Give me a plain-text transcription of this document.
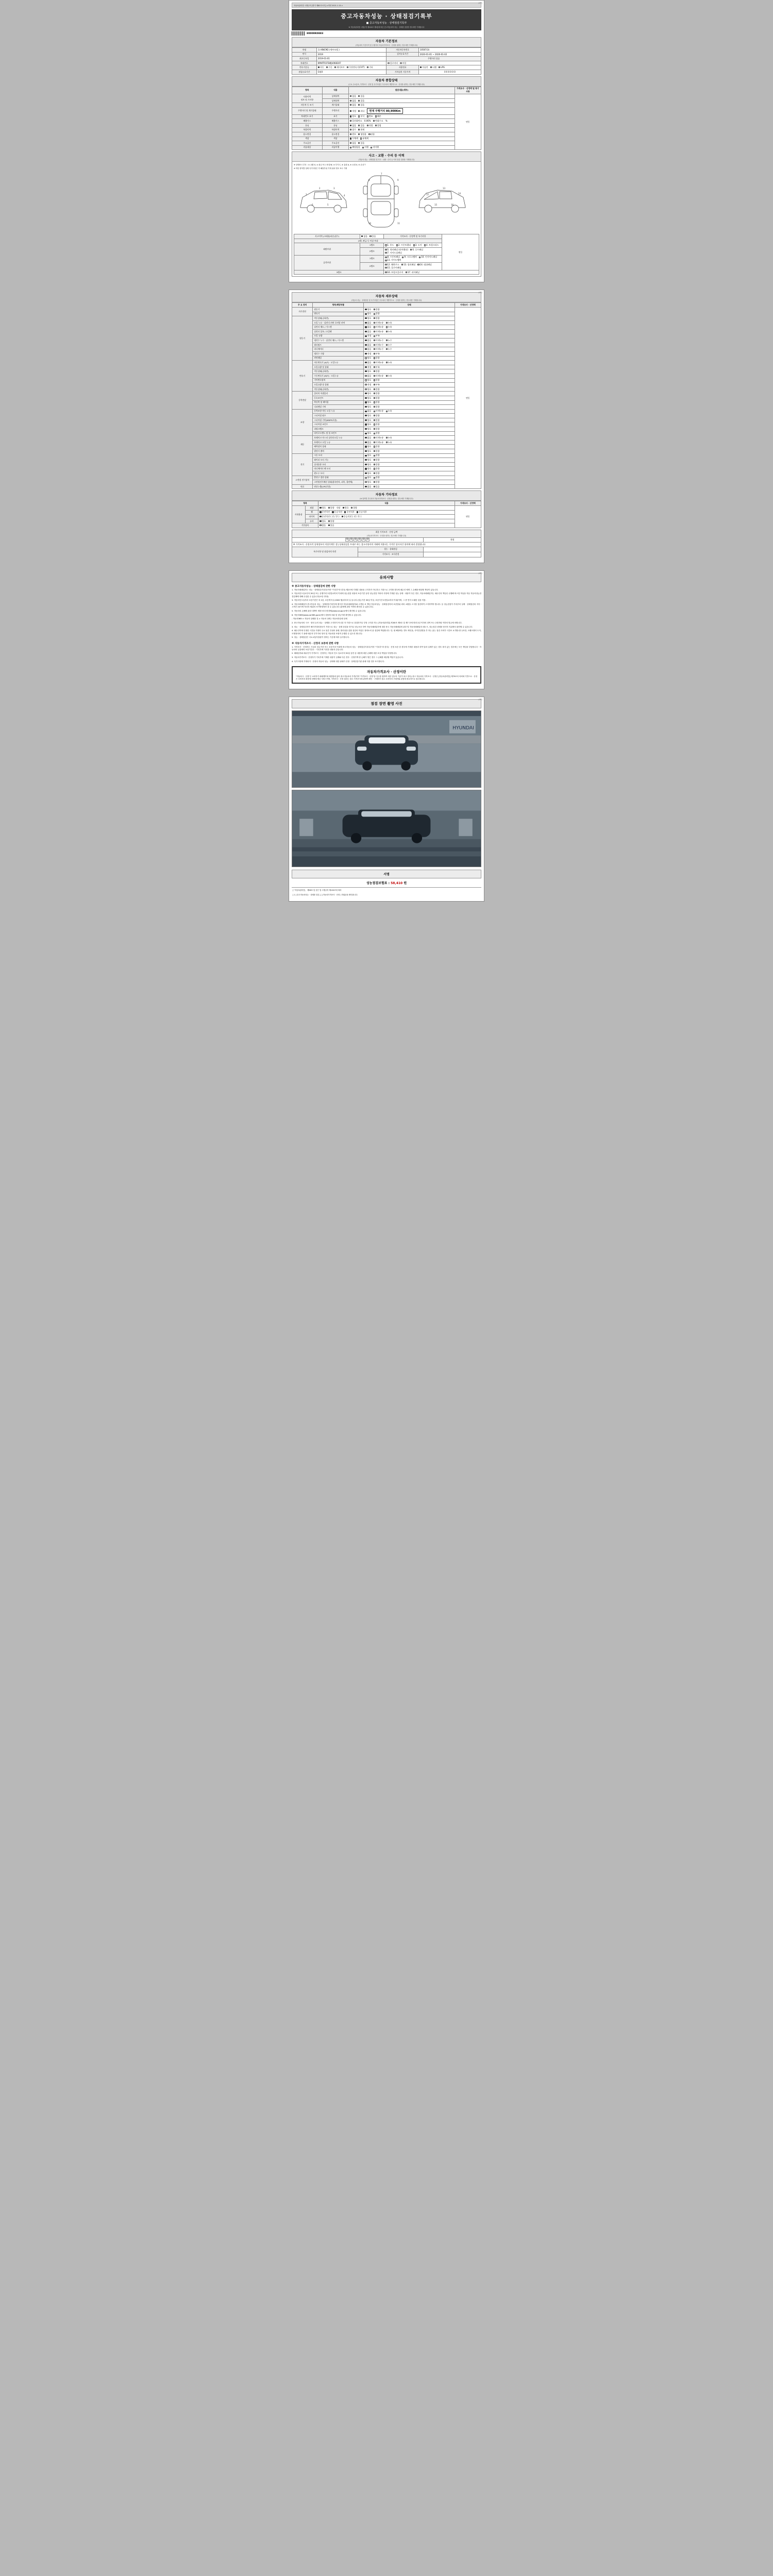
(1쪽)
자동차관리법 시행규칙 [별지 제82호서식] <개정 2021.1.13.>
중고자동차성능 · 상태점검기록부
■ 중고자동차성능 · 상태점검기록부
※ 자동차관리법 시행규칙 제120조 제1항에 따른 중고자동차의 성능 · 상태를 점검한 경우에만 기재합니다
80000K0883
자동차 기본정보
(자동차의 기본가격 및 주행거리 자동차가격조사 · 산정을 원하는 경우에만 기재합니다)
차명	올-XINCM2 (세부모델 )	자동차등록번호	10567(3)
연식	2019	검사유효기간	2020-01-01 ~ 2020-01-02
최초등록일	2019-01-01	주행거리 종류	
차대번호	KMHTR1FSWJU068307	킬로미터 마일	
변속기종류	자동 수동 세미오토 무단변속기(CVT) 기타	사용연료	가솔린 디젤 LPG
점검유효기간	G월0	기차검진 기준가격	0 0 0 0 0 0
자동차 종합상태
(주요 주요골조, 가격조사 · 산정 및 특기사항은 부수되어 개별적으로 · 산정을 원하는 경우에만 기재합니다)
항목	내용	점검내용(세부)	가격조사 · 산정액 및 특기사항
사용이력
정보 및 기사항	상세내역	없음 있음	연동
	상세내역	없음 있음	
자동차 등 조기	계기상태	없음 있음	
주행거리 및 계기상태	주행거리	적정 과다 현재 주행거리 80,900Km	
차대번호 표기	표기	양호 부식 변조 훼손	
배출가스	배출가스	일산화탄소 0.06% 탄화수소 %	
튜닝	튜닝	없음 있음 적법 불법	
특별이력	특별이력	침수 화재	
용도변경	용도변경	렌트 영업용 관용	
색상	색상	무채색 유채색	
주요옵션	주요옵션	없음 있음	
리콜대상	리콜이행	해당없음 이행 미이행	
사고 · 교환 · 수리 등 이력
(자동차 성능 · 상태점검 및 사고 · 교환 · 수리 등 이력 점검 결과를 기재합니다)
※ 상태표시 부호 : ① 교환 X, ② 판금 또는 용접 W, ③ 부식 C, ④ 흠집 A, ⑤ 요철 U, ⑥ 손상 T
※ 하단 항목별 상태 특기사항은 각 해당부위 기재 위치 번호 표시 기재
1
2	3
4
5
6
8	9
10	11
7
12
13
14
15	16
사고이력 (크래쉬/파손/침수)	없음 있음	가격조사 · 산정액 및 특기사항	연동
교환, 판금 등 이상 부위			
외판부위	1랭크	1. 후드 2. 프론트휀더 3. 도어 4. 트렁크리드	
	2랭크	5. 쿼터패널 (리어휀더) 6. 루프패널 7. 사이드실패널	
골격부위	1랭크	8. 프론트패널 9. 크로스멤버 10. 인사이드패널 11. 사이드멤버	
	2랭크	12. 휠하우스 13. 필러패널 14. 대쉬패널 15. 플로어패널	
3랭크		16. 트렁크플로어 17. 리어패널	
(1쪽)
자동차 세부상태
(자동차 성능 · 상태점검 및 특기사항은 부수되어 개별적으로 · 산정을 원하는 경우에만 기재합니다)
주 요 장치	항목/해당부품	상태	가격조사 · 산정액
자기진단	원동기	양호 불량	연동
	변속기	양호 불량	
원동기	작동상태(공회전)	양호 불량	
	오일 누유 · 실린더 커버 로커암 커버	없음 미세누유 누유	
	실린더 헤드 / 가스켓	없음 미세누유 누유	
	실린더 블록 / 오일팬	없음 미세누유 누유	
	오일 유량	적정 부족	
	냉각수 누수 · 실린더 헤드 / 가스켓	없음 미세누수 누수	
	워터펌프	없음 미세누수 누수	
	라디에이터	없음 미세누수 누수	
	냉각수 수량	적정 부족	
	커먼레일	양호 불량	
변속기	자동변속기 (A/T) · 오일누유	없음 미세누유 누유	
	오일유량 및 상태	적정 부족	
	작동상태(공회전)	양호 불량	
	수동변속기 (M/T) · 오일누유	없음 미세누유 누유	
	기어변속장치	양호 불량	
	오일유량 및 상태	적정 부족	
	작동상태(공회전)	양호 불량	
동력전달	클러치 어셈블리	양호 불량	
	등속조인트	양호 불량	
	추진축 및 베어링	양호 불량	
	디퍼렌셜 기어	양호 불량	
조향	동력조향 작동 오일 누유	없음 미세누유 누유	
	스티어링 펌프	양호 불량	
	스티어링 기어(MDPS포함)	양호 불량	
	스티어링 조인트	양호 불량	
	파워크랭크	양호 불량	
	타이로드엔드 및 볼 조인트	양호 불량	
제동	브레이크 마스터 실린더오일 누유	없음 미세누유 누유	
	브레이크 오일 누유	없음 미세누유 누유	
	배력장치 상태	양호 불량	
	발전기 출력	양호 불량	
전기	시동 모터	양호 불량	
	와이퍼 모터 기능	양호 불량	
	실내송풍 모터	양호 불량	
	라디에이터 팬 모터	양호 불량	
	윈도우 모터	양호 불량	
고전원 전기장치	충전구 절연 상태	양호 불량	
	고전원전기배선 상태(접속단자, 피복, 절연체)	양호 불량	
연료	연료누출(LPG포함)	없음 있음	
자동차 기타정보
(※ 항목별 부수되어 자동차가격조사 · 산정을 원하는 경우에만 기재합니다)
항목		내용	가격조사 · 산정액
사내용품	외장	양호 불량 내장 양호 불량	연동
	휠	운전석전 동승석전 운전석후 동승석후	
	타이어	운전석전 ( 전 / 후 ) 동승석전 ( 전 / 후 )	
	유리	양호 불량	
기본품목		없음 있음	
최종 가격조사 · 산정 금액
(자동차가격조사 · 산정을 원하는 경우에만 기재합니다)		

0 0 0 0 0 0		천원
※ 가격조사 · 산정자격 상세정보의 적정가액은 성능상태점검을 토대로 하는 참고사항이며 거래에 적용되는 가격은 당사자간 합의에 따라 결정됩니다		
특기사항 및 점검자의 의견	성능 · 상태점검	
	가격조사 · 조사산정	
(2쪽)
유의사항
※ 중고자동차성능 · 상태점검에 관한 사항

1. 자동차매매업자는 성능 · 상태점검기록부(이하 "기록부"라 한다) 제2조에 기재한 내용을 고지하기 아니하고 거짓으로 고지할 경우에 매수인 에게 그 손해를 배상할 책임이 있습니다.

2. 자동차인도일로부터 30일 또는 운행거리 2천킬로미터 이내에 성능점검 내용의 보증기간 동안 성능점검 이외의 사항에 기재된 성능 상태 · 내용이 다른 경우, 자동차매매업자는 매수인의 책임선 수행해 버스킬 학습을 자동 자동차성능점검업체에 대해 수입된 수 있습니다(보증 안내).

3. 자동차인도일부터 보증기간은 의 2년, 보증개시일 (2000 월)부터의 일 듭니다 (성능기간 30일 이상, 보증기간 2천킬로미터 이내)이며, 그 중 먼저 도래한 것을 적용.

4. 자동차매매업자 중고자동차 성능 · 상태점검기록부에 제시한 자동차매매업자와 고객을 보 책임 자동차성능 · 상태점검자의 보증범위 외의 교환을 고시를 점검하여 고지하여야 합니다. 동 성능점검이 기록부의 실제 · 상태점검의 지속 · 고객은 24시에 자신의 범위의 보기방향정보 을 수 있습니다 (관세에 관한 이에서 확인한 수 있습니다).

5. 자동차의 손해에 관한 대책이 제정·처리 변경에(www.car.go.kr에서 확인할 수 있습니다)

6. 자동차365(www.car365.go.kr)에서 상품에 조회 및 성능이력 확인할 수 있습니다.

- 자동차365 > 자동차 살때볼 것 > 자동차 상태 / 자동차종류매 상세

2. 중고자동차의 구조 · 장치 등의 성능 · 상태를 고지하지 아니한 자 거짓으로 점검하거나 부당 고지한 자는 [자동차관리법] 제 80조 제5호 및 제7 호에 따라 2년 이하의 징역 또는 2천만원 이하의 벌금에 처합니다.

3. 성능 · 상태점검자가 해지기법의정보가 거짓으로 성능 · 상태 점검을 하거나 성능보증 하여 자동차매매업자에 대한 중고 자동차매매업에 관한 법 자동차매매업의 매도시, 성능점검 상태를 당사자 지위에서 판단할 수 있습니다.

4. 매수인이에 인정한 시간을 지정하 주요 물론 부위의 용량, 합리성을 갖춘 점검의 작업은 정비소의 관 점검에 책임합니다. 단, 원 해당에는 별도 확인을, 사이건설명을 부 하는 않는 점검 사비가 시간표 요기할니다 (또한, 크랭크정비 도저, 모델정의의 기 용량 매수자 부가가치 항의 및 자동차를 포괄적 수행한 수 있도록 합니다)

5. 성능 · 상태점검은 국토교통부장관이 정하는 기준에 따라 실시합니다.

※ 자동차가격조사 · 산정의 보증에 관한 사항

1. 가격조사 · 산정자는 사실의 성능기간 또는 보증기의 이내에 중고자동차 성능 · 상태점검기록부(이하 "기록부"라 한다) · 산정 보증 한 경우에 기재한 내용과 하여 달라 실제가 있는 경우 복지 있는 경우에는 모든 책임을 부담합니다 · 자동차의 실질에의 보증기간은 · 기록부에 기록한 내용과 같습니다.

2. 매매업자와 매수인이 가격조사 · 산정자는 자동차 인도 일로부터 30일 동안 동 내용에 대한 손해에 대한 보상 책임을 부담합니다.

3. 자동차가격조사 · 산정자가 기록부에 기재한 내용이 실제와 다른 경우 · 산정가액 중 손해가 생긴 경우 그 손해를 배상할 책임이 있습니다.

4. 특기사항에 기재되지 · 산정의 자동차 성능 · 상태에 대한 판매가 산정 · 상태점검기관 판매 다를 경우 표시합니다.

자동차가격조사 · 산정이란
"자동차사 · 산정"은 소비자가 매매계약에 체결함에 있어 중고자동차의 가격(이하 "가격조사 · 산정"을 인수를 접하여 의한 업무의 기준이 되고 한다) 중고 자동차의 가격조사 · 산정은 [자동차관리법] 제79조의 의뢰에 기반으로 · 산정은 소비자의 희망에 선택에 제공 서비스이며, 가격조사 · 산정 결과는 참고 가격조사에 관하여 확인 · 구매하기 쉽고 소비자의 구매자와 관점에 중요하므로 참고합니다.
(3쪽)
점검 장면 촬영 사진
HYUNDAI
서명
성능점검보험료 : 58,410 원
[ "자동차관리법」 제58조 및 같은 법 시행규칙 제120조에 따라
[ 1 ] 중고자동차성능 · 상태를 점검, [ ] 자동차가격조사 · 산정 ) 하였음을 확인합니다.
